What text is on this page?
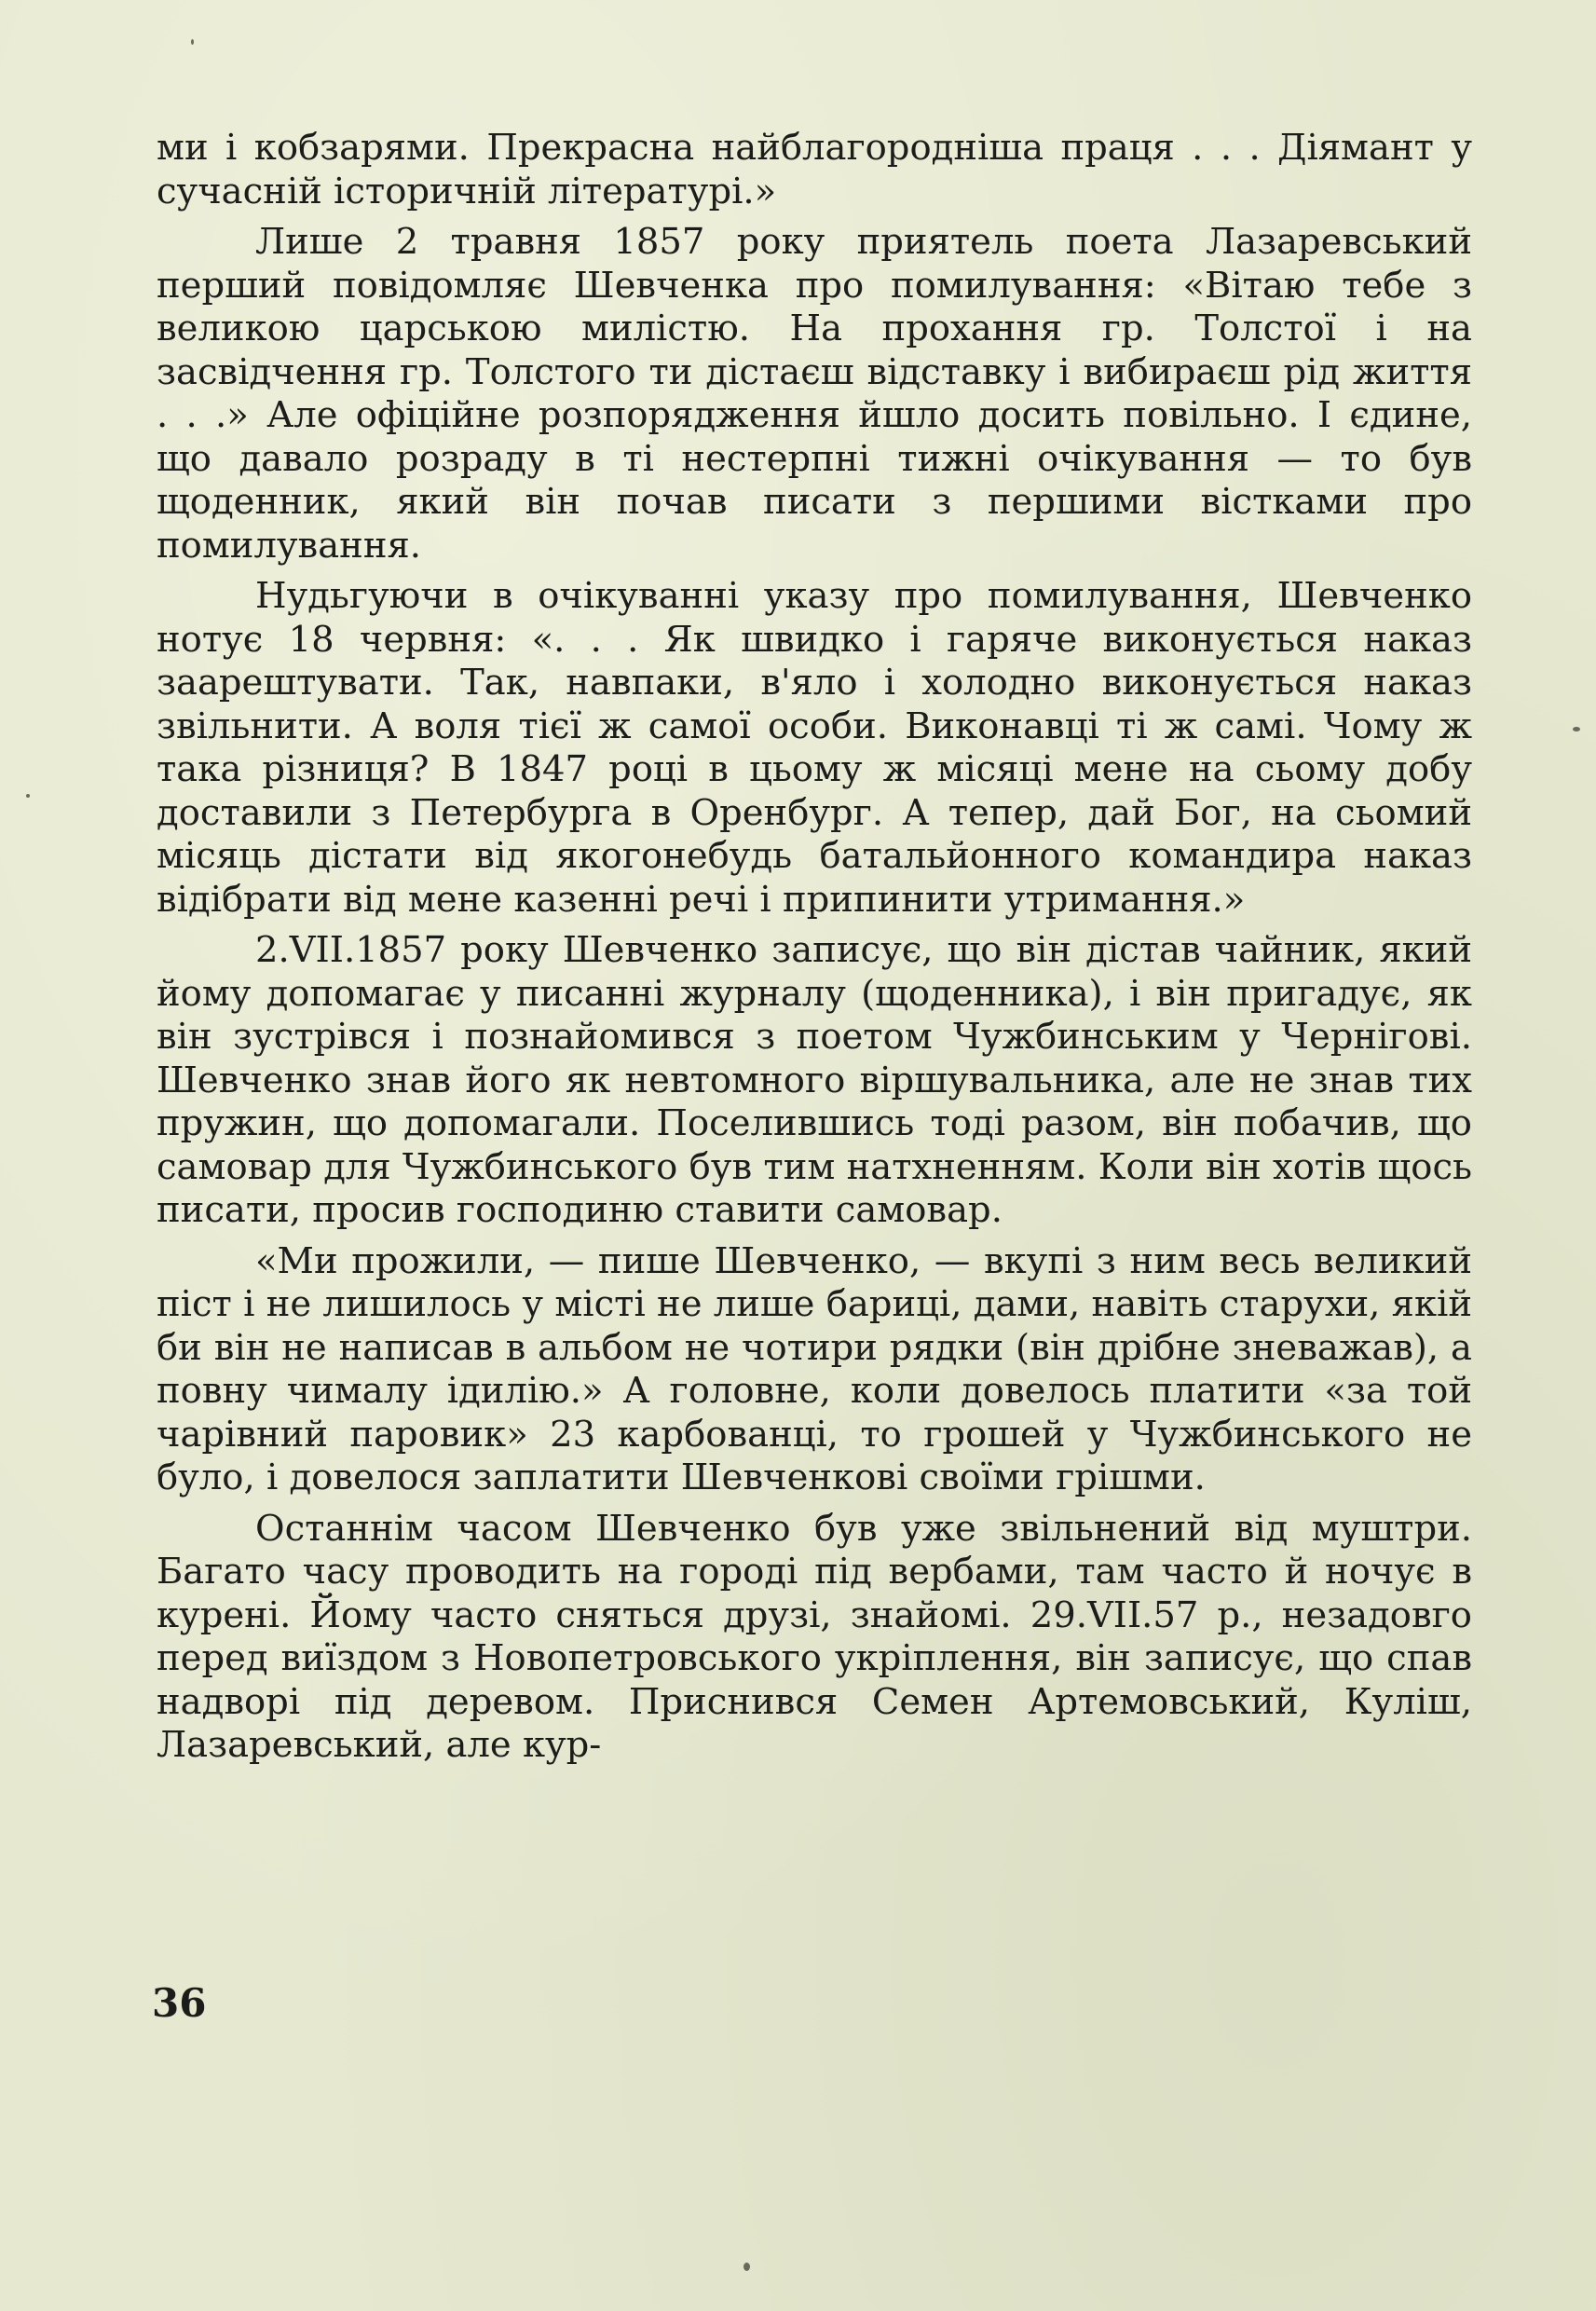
ми і кобзарями. Прекрасна найблагородніша праця . . . Діямант у сучасній історичній літературі.»

Лише 2 травня 1857 року приятель поета Лазаревський перший повідомляє Шевченка про помилування: «Вітаю тебе з великою царською милістю. На прохання гр. Толстої і на засвідчення гр. Толстого ти дістаєш відставку і вибираєш рід життя . . .» Але офіційне розпорядження йшло досить повільно. І єдине, що давало розраду в ті нестерпні тижні очікування — то був щоденник, який він почав писати з першими вістками про помилування.

Нудьгуючи в очікуванні указу про помилування, Шевченко нотує 18 червня: «. . . Як швидко і гаряче виконується наказ заарештувати. Так, навпаки, в'яло і холодно виконується наказ звільнити. А воля тієї ж самої особи. Виконавці ті ж самі. Чому ж така різниця? В 1847 році в цьому ж місяці мене на сьому добу доставили з Петербурга в Оренбург. А тепер, дай Бог, на сьомий місяць дістати від якогонебудь батальйонного командира наказ відібрати від мене казенні речі і припинити утримання.»

2.VII.1857 року Шевченко записує, що він дістав чайник, який йому допомагає у писанні журналу (щоденника), і він пригадує, як він зустрівся і познайомився з поетом Чужбинським у Чернігові. Шевченко знав його як невтомного віршувальника, але не знав тих пружин, що допомагали. Поселившись тоді разом, він побачив, що самовар для Чужбинського був тим натхненням. Коли він хотів щось писати, просив господиню ставити самовар.

«Ми прожили, — пише Шевченко, — вкупі з ним весь великий піст і не лишилось у місті не лише бариці, дами, навіть старухи, якій би він не написав в альбом не чотири рядки (він дрібне зневажав), а повну чималу ідилію.» А головне, коли довелось платити «за той чарівний паровик» 23 карбованці, то грошей у Чужбинського не було, і довелося заплатити Шевченкові своїми грішми.

Останнім часом Шевченко був уже звільнений від муштри. Багато часу проводить на городі під вербами, там часто й ночує в курені. Йому часто сняться друзі, знайомі. 29.VII.57 р., незадовго перед виїздом з Новопетровського укріплення, він записує, що спав надворі під деревом. Приснився Семен Артемовський, Куліш, Лазаревський, але кур-

36
